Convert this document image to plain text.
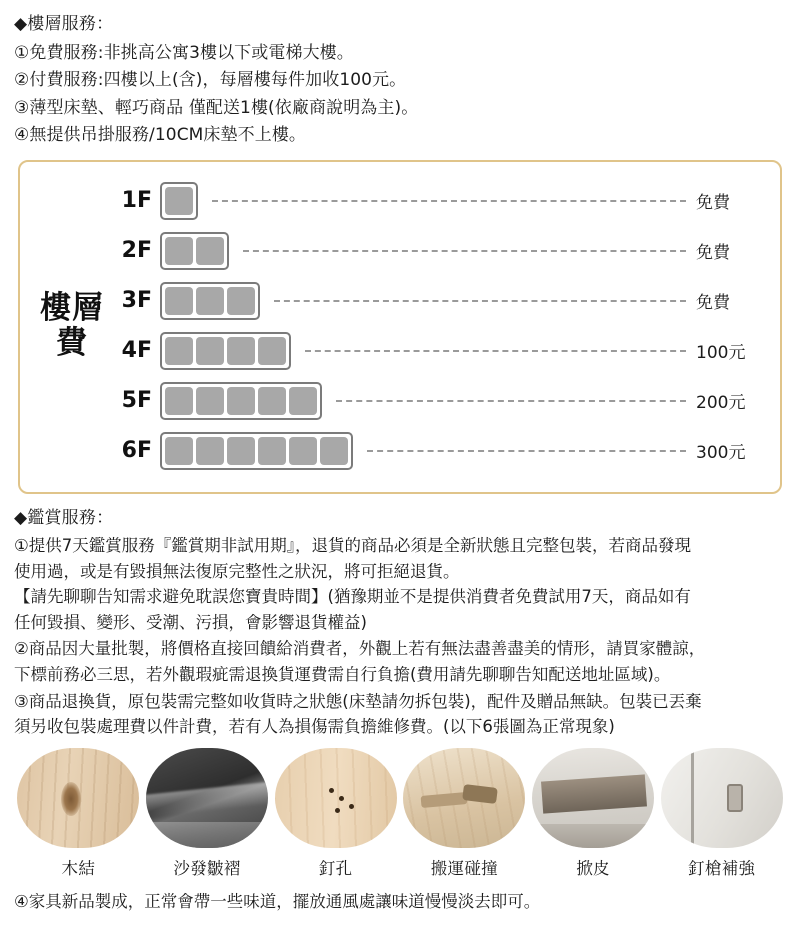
◆樓層服務：
①免費服務:非挑高公寓3樓以下或電梯大樓。
②付費服務:四樓以上(含)，每層樓每件加收100元。
③薄型床墊、輕巧商品 僅配送1樓(依廠商說明為主)。
④無提供吊掛服務/10CM床墊不上樓。
樓層費
1F	免費
2F	免費
3F	免費
4F	100元
5F	200元
6F	300元
◆鑑賞服務：
①提供7天鑑賞服務『鑑賞期非試用期』，退貨的商品必須是全新狀態且完整包裝，若商品發現
使用過，或是有毀損無法復原完整性之狀況，將可拒絕退貨。
【請先聊聊告知需求避免耽誤您寶貴時間】(猶豫期並不是提供消費者免費試用7天，商品如有
任何毀損、變形、受潮、污損，會影響退貨權益)
②商品因大量批製，將價格直接回饋給消費者，外觀上若有無法盡善盡美的情形，請買家體諒，
下標前務必三思，若外觀瑕疵需退換貨運費需自行負擔(費用請先聊聊告知配送地址區域)。
③商品退換貨，原包裝需完整如收貨時之狀態(床墊請勿拆包裝)，配件及贈品無缺。包裝已丟棄
須另收包裝處理費以件計費，若有人為損傷需負擔維修費。(以下6張圖為正常現象)
木結	沙發皺褶	釘孔	搬運碰撞	掀皮	釘槍補強
④家具新品製成，正常會帶一些味道，擺放通風處讓味道慢慢淡去即可。
